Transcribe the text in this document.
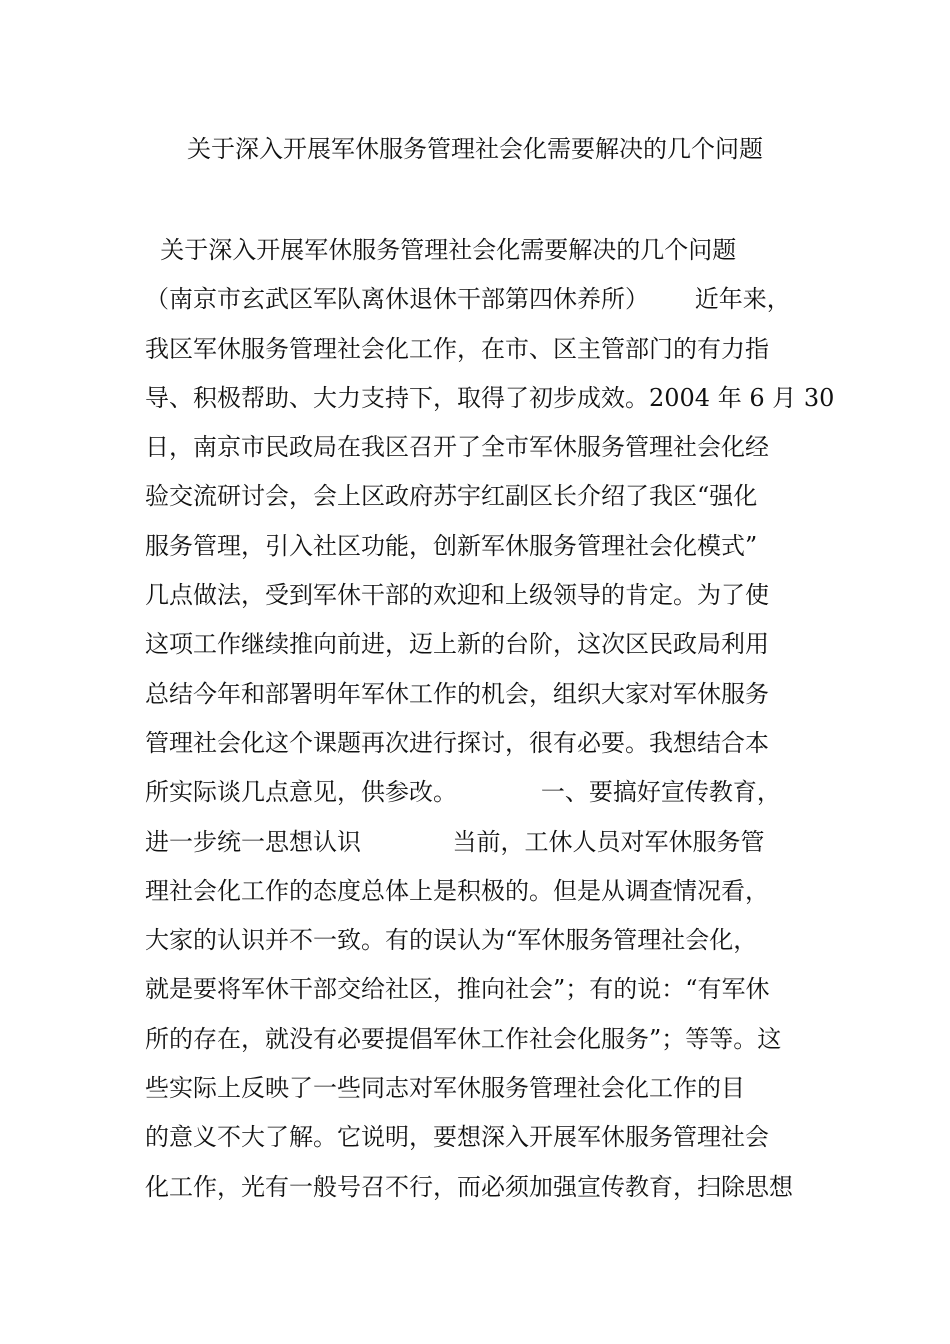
关于深入开展军休服务管理社会化需要解决的几个问题
关于深入开展军休服务管理社会化需要解决的几个问题
（南京市玄武区军队离休退休干部第四休养所）      近年来，
我区军休服务管理社会化工作，在市、区主管部门的有力指
导、积极帮助、大力支持下，取得了初步成效。2004 年 6 月 30
日，南京市民政局在我区召开了全市军休服务管理社会化经
验交流研讨会，会上区政府苏宇红副区长介绍了我区“强化
服务管理，引入社区功能，创新军休服务管理社会化模式”
几点做法，受到军休干部的欢迎和上级领导的肯定。为了使
这项工作继续推向前进，迈上新的台阶，这次区民政局利用
总结今年和部署明年军休工作的机会，组织大家对军休服务
管理社会化这个课题再次进行探讨，很有必要。我想结合本
所实际谈几点意见，供参改。           一、要搞好宣传教育，
进一步统一思想认识            当前，工休人员对军休服务管
理社会化工作的态度总体上是积极的。但是从调查情况看，
大家的认识并不一致。有的误认为“军休服务管理社会化，
就是要将军休干部交给社区，推向社会”；有的说：“有军休
所的存在，就没有必要提倡军休工作社会化服务”；等等。这
些实际上反映了一些同志对军休服务管理社会化工作的目
的意义不大了解。它说明，要想深入开展军休服务管理社会
化工作，光有一般号召不行，而必须加强宣传教育，扫除思想
